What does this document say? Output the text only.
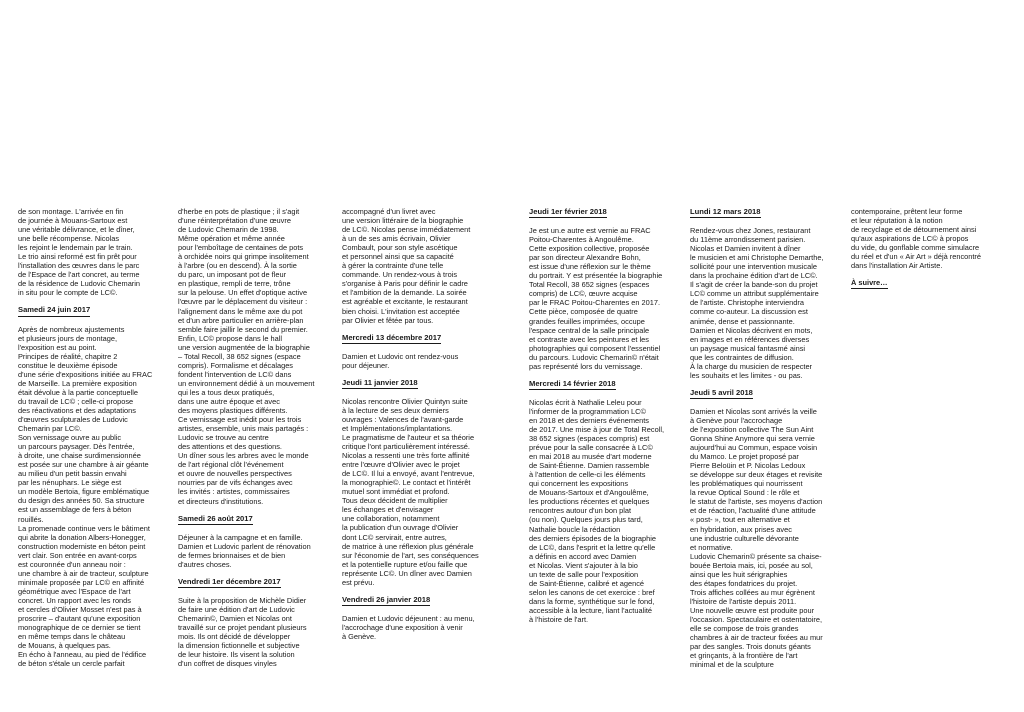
de son montage. L'arrivée en fin
de journée à Mouans-Sartoux est
une véritable délivrance, et le dîner,
une belle récompense. Nicolas
les rejoint le lendemain par le train.
Le trio ainsi reformé est fin prêt pour
l'installation des œuvres dans le parc
de l'Espace de l'art concret, au terme
de la résidence de Ludovic Chemarin
in situ pour le compte de LC©.

Samedi 24 juin 2017

Après de nombreux ajustements
et plusieurs jours de montage,
l'exposition est au point.
Principes de réalité, chapitre 2
constitue le deuxième épisode
d'une série d'expositions initiée au FRAC
de Marseille. La première exposition
était dévolue à la partie conceptuelle
du travail de LC© ; celle-ci propose
des réactivations et des adaptations
d'œuvres sculpturales de Ludovic
Chemarin par LC©.
Son vernissage ouvre au public
un parcours paysager. Dès l'entrée,
à droite, une chaise surdimensionnée
est posée sur une chambre à air géante
au milieu d'un petit bassin envahi
par les nénuphars. Le siège est
un modèle Bertoia, figure emblématique
du design des années 50. Sa structure
est un assemblage de fers à béton
rouillés.
La promenade continue vers le bâtiment
qui abrite la donation Albers-Honegger,
construction moderniste en béton peint
vert clair. Son entrée en avant-corps
est couronnée d'un anneau noir :
une chambre à air de tracteur, sculpture
minimale proposée par LC© en affinité
géométrique avec l'Espace de l'art
concret. Un rapport avec les ronds
et cercles d'Olivier Mosset n'est pas à
proscrire – d'autant qu'une exposition
monographique de ce dernier se tient
en même temps dans le château
de Mouans, à quelques pas.
En écho à l'anneau, au pied de l'édifice
de béton s'étale un cercle parfait

d'herbe en pots de plastique ; il s'agit
d'une réinterprétation d'une œuvre
de Ludovic Chemarin de 1998.
Même opération et même année
pour l'emboîtage de centaines de pots
à orchidée noirs qui grimpe insolitement
à l'arbre (ou en descend). À la sortie
du parc, un imposant pot de fleur
en plastique, rempli de terre, trône
sur la pelouse. Un effet d'optique active
l'œuvre par le déplacement du visiteur :
l'alignement dans le même axe du pot
et d'un arbre particulier en arrière-plan
semble faire jaillir le second du premier.
Enfin, LC© propose dans le hall
une version augmentée de la biographie
– Total Recoll, 38 652 signes (espace
compris). Formalisme et décalages
fondent l'intervention de LC© dans
un environnement dédié à un mouvement
qui les a tous deux pratiqués,
dans une autre époque et avec
des moyens plastiques différents.
Ce vernissage est inédit pour les trois
artistes, ensemble, unis mais partagés :
Ludovic se trouve au centre
des attentions et des questions.
Un dîner sous les arbres avec le monde
de l'art régional clôt l'événement
et ouvre de nouvelles perspectives
nourries par de vifs échanges avec
les invités : artistes, commissaires
et directeurs d'institutions.

Samedi 26 août 2017

Déjeuner à la campagne et en famille.
Damien et Ludovic parlent de rénovation
de fermes brionnaises et de bien
d'autres choses.

Vendredi 1er décembre 2017

Suite à la proposition de Michèle Didier
de faire une édition d'art de Ludovic
Chemarin©, Damien et Nicolas ont
travaillé sur ce projet pendant plusieurs
mois. Ils ont décidé de développer
la dimension fictionnelle et subjective
de leur histoire. Ils visent la solution
d'un coffret de disques vinyles

accompagné d'un livret avec
une version littéraire de la biographie
de LC©. Nicolas pense immédiatement
à un de ses amis écrivain, Olivier
Combault, pour son style ascétique
et personnel ainsi que sa capacité
à gérer la contrainte d'une telle
commande. Un rendez-vous à trois
s'organise à Paris pour définir le cadre
et l'ambition de la demande. La soirée
est agréable et excitante, le restaurant
bien choisi. L'invitation est acceptée
par Olivier et fêtée par tous.

Mercredi 13 décembre 2017

Damien et Ludovic ont rendez-vous
pour déjeuner.

Jeudi 11 janvier 2018

Nicolas rencontre Olivier Quintyn suite
à la lecture de ses deux derniers
ouvrages : Valences de l'avant-garde
et Implémentations/implantations.
Le pragmatisme de l'auteur et sa théorie
critique l'ont particulièrement intéressé.
Nicolas a ressenti une très forte affinité
entre l'œuvre d'Olivier avec le projet
de LC©. Il lui a envoyé, avant l'entrevue,
la monographie©. Le contact et l'intérêt
mutuel sont immédiat et profond.
Tous deux décident de multiplier
les échanges et d'envisager
une collaboration, notamment
la publication d'un ouvrage d'Olivier
dont LC© servirait, entre autres,
de matrice à une réflexion plus générale
sur l'économie de l'art, ses conséquences
et la potentielle rupture et/ou faille que
représente LC©. Un dîner avec Damien
est prévu.

Vendredi 26 janvier 2018

Damien et Ludovic déjeunent : au menu,
l'accrochage d'une exposition à venir
à Genève.

Jeudi 1er février 2018

Je est un.e autre est vernie au FRAC
Poitou-Charentes à Angoulême.
Cette exposition collective, proposée
par son directeur Alexandre Bohn,
est issue d'une réflexion sur le thème
du portrait. Y est présentée la biographie
Total Recoll, 38 652 signes (espaces
compris) de LC©, œuvre acquise
par le FRAC Poitou-Charentes en 2017.
Cette pièce, composée de quatre
grandes feuilles imprimées, occupe
l'espace central de la salle principale
et contraste avec les peintures et les
photographies qui composent l'essentiel
du parcours. Ludovic Chemarin© n'était
pas représenté lors du vernissage.

Mercredi 14 février 2018

Nicolas écrit à Nathalie Leleu pour
l'informer de la programmation LC©
en 2018 et des derniers événements
de 2017. Une mise à jour de Total Recoll,
38 652 signes (espaces compris) est
prévue pour la salle consacrée à LC©
en mai 2018 au musée d'art moderne
de Saint-Étienne. Damien rassemble
à l'attention de celle-ci les éléments
qui concernent les expositions
de Mouans-Sartoux et d'Angoulême,
les productions récentes et quelques
rencontres autour d'un bon plat
(ou non). Quelques jours plus tard,
Nathalie boucle la rédaction
des derniers épisodes de la biographie
de LC©, dans l'esprit et la lettre qu'elle
a définis en accord avec Damien
et Nicolas. Vient s'ajouter à la bio
un texte de salle pour l'exposition
de Saint-Étienne, calibré et agencé
selon les canons de cet exercice : bref
dans la forme, synthétique sur le fond,
accessible à la lecture, liant l'actualité
à l'histoire de l'art.

Lundi 12 mars 2018

Rendez-vous chez Jones, restaurant
du 11ème arrondissement parisien.
Nicolas et Damien invitent à dîner
le musicien et ami Christophe Demarthe,
sollicité pour une intervention musicale
dans la prochaine édition d'art de LC©.
Il s'agit de créer la bande-son du projet
LC© comme un attribut supplémentaire
de l'artiste. Christophe interviendra
comme co-auteur. La discussion est
animée, dense et passionnante.
Damien et Nicolas décrivent en mots,
en images et en références diverses
un paysage musical fantasmé ainsi
que les contraintes de diffusion.
À la charge du musicien de respecter
les souhaits et les limites - ou pas.

Jeudi 5 avril 2018

Damien et Nicolas sont arrivés la veille
à Genève pour l'accrochage
de l'exposition collective The Sun Aint
Gonna Shine Anymore qui sera vernie
aujourd'hui au Commun, espace voisin
du Mamco. Le projet proposé par
Pierre Beloüin et P. Nicolas Ledoux
se développe sur deux étages et revisite
les problématiques qui nourrissent
la revue Optical Sound : le rôle et
le statut de l'artiste, ses moyens d'action
et de réaction, l'actualité d'une attitude
« post- », tout en alternative et
en hybridation, aux prises avec
une industrie culturelle dévorante
et normative.
Ludovic Chemarin© présente sa chaise-
bouée Bertoia mais, ici, posée au sol,
ainsi que les huit sérigraphies
des étapes fondatrices du projet.
Trois affiches collées au mur égrènent
l'histoire de l'artiste depuis 2011.
Une nouvelle œuvre est produite pour
l'occasion. Spectaculaire et ostentatoire,
elle se compose de trois grandes
chambres à air de tracteur fixées au mur
par des sangles. Trois donuts géants
et grinçants, à la frontière de l'art
minimal et de la sculpture

contemporaine, prêtent leur forme
et leur réputation à la notion
de recyclage et de détournement ainsi
qu'aux aspirations de LC© à propos
du vide, du gonflable comme simulacre
du réel et d'un « Air Art » déjà rencontré
dans l'installation Air Artiste.

À suivre…
